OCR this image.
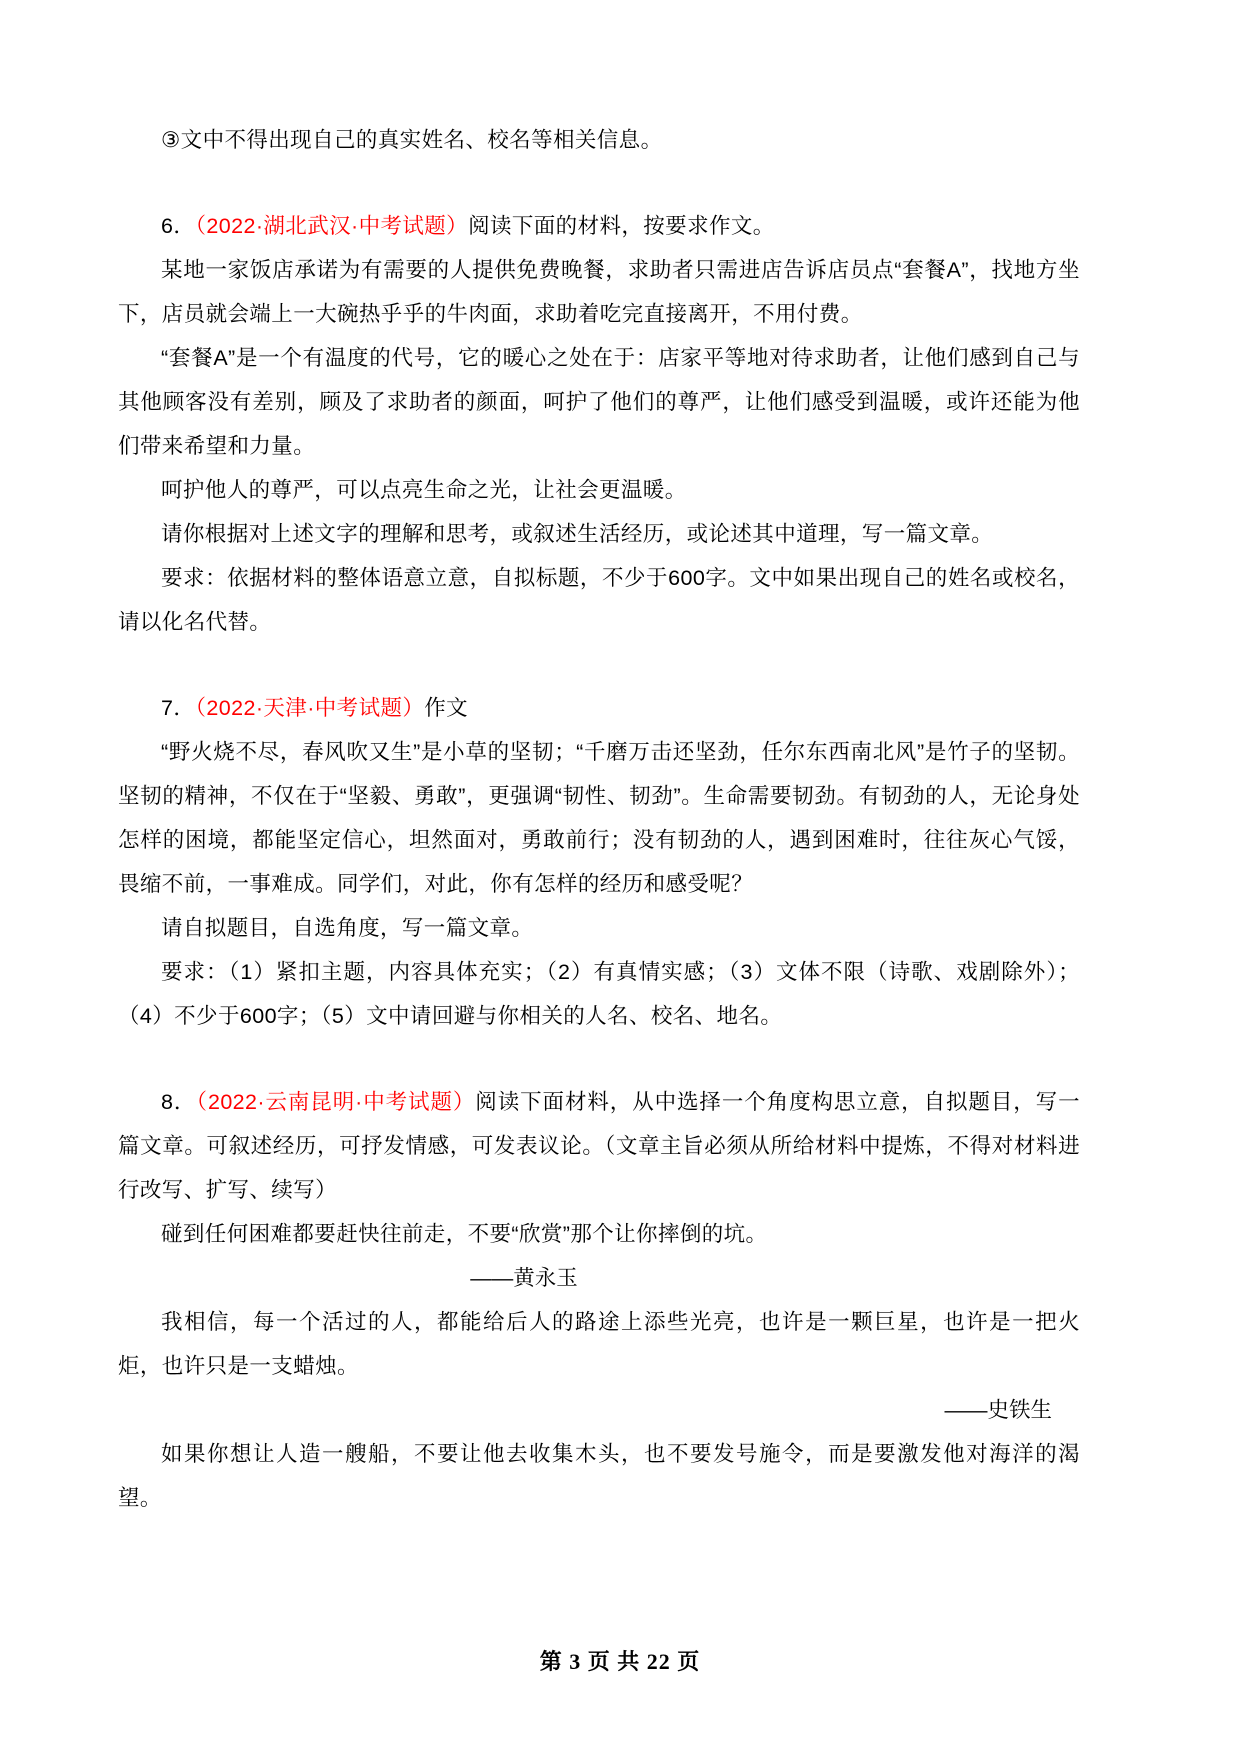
③文中不得出现自己的真实姓名、校名等相关信息。

6．（2022·湖北武汉·中考试题）阅读下面的材料，按要求作文。

某地一家饭店承诺为有需要的人提供免费晚餐，求助者只需进店告诉店员点“套餐A”，找地方坐下，店员就会端上一大碗热乎乎的牛肉面，求助着吃完直接离开，不用付费。

“套餐A”是一个有温度的代号，它的暖心之处在于：店家平等地对待求助者，让他们感到自己与其他顾客没有差别，顾及了求助者的颜面，呵护了他们的尊严，让他们感受到温暖，或许还能为他们带来希望和力量。

呵护他人的尊严，可以点亮生命之光，让社会更温暖。

请你根据对上述文字的理解和思考，或叙述生活经历，或论述其中道理，写一篇文章。

要求：依据材料的整体语意立意，自拟标题，不少于600字。文中如果出现自己的姓名或校名，请以化名代替。

7．（2022·天津·中考试题）作文

“野火烧不尽，春风吹又生”是小草的坚韧；“千磨万击还坚劲，任尔东西南北风”是竹子的坚韧。坚韧的精神，不仅在于“坚毅、勇敢”，更强调“韧性、韧劲”。生命需要韧劲。有韧劲的人，无论身处怎样的困境，都能坚定信心，坦然面对，勇敢前行；没有韧劲的人，遇到困难时，往往灰心气馁，畏缩不前，一事难成。同学们，对此，你有怎样的经历和感受呢？

请自拟题目，自选角度，写一篇文章。

要求：（1）紧扣主题，内容具体充实；（2）有真情实感；（3）文体不限（诗歌、戏剧除外）；（4）不少于600字；（5）文中请回避与你相关的人名、校名、地名。

8．（2022·云南昆明·中考试题）阅读下面材料，从中选择一个角度构思立意，自拟题目，写一篇文章。可叙述经历，可抒发情感，可发表议论。（文章主旨必须从所给材料中提炼，不得对材料进行改写、扩写、续写）

碰到任何困难都要赶快往前走，不要“欣赏”那个让你摔倒的坑。

——黄永玉

我相信，每一个活过的人，都能给后人的路途上添些光亮，也许是一颗巨星，也许是一把火炬，也许只是一支蜡烛。

——史铁生

如果你想让人造一艘船，不要让他去收集木头，也不要发号施令，而是要激发他对海洋的渴望。

第 3 页 共 22 页
